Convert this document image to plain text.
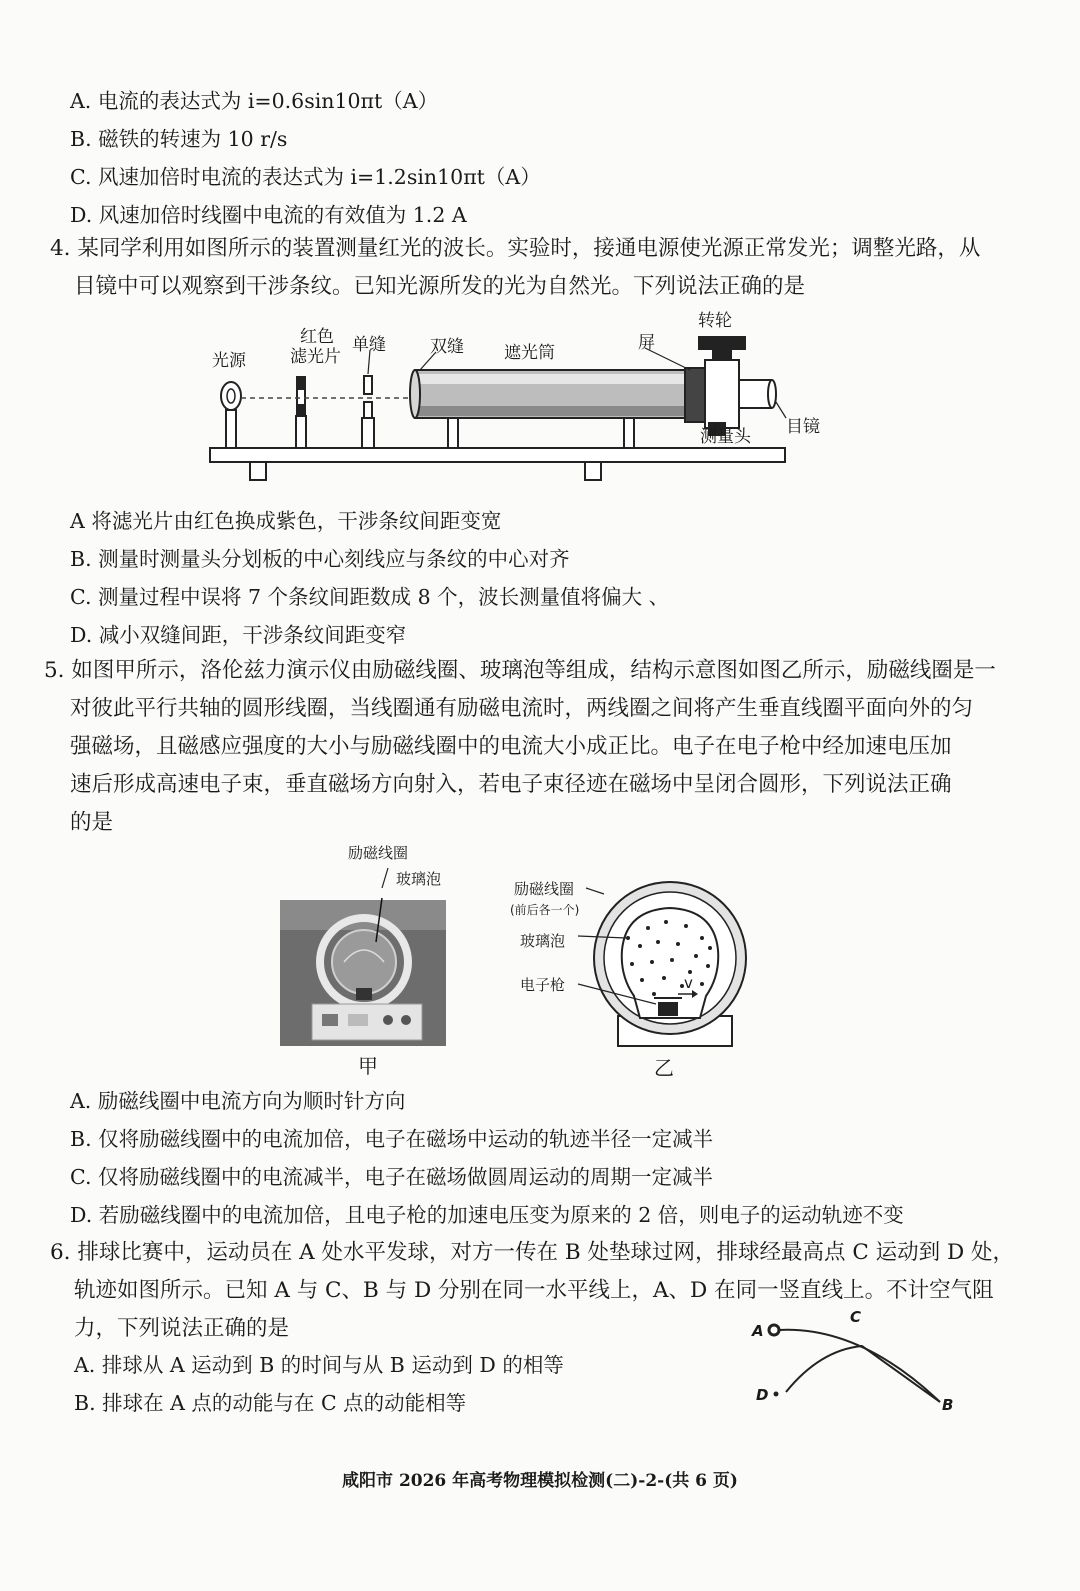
A. 电流的表达式为 i=0.6sin10πt（A）
B. 磁铁的转速为 10 r/s
C. 风速加倍时电流的表达式为 i=1.2sin10πt（A）
D. 风速加倍时线圈中电流的有效值为 1.2 A
4. 某同学利用如图所示的装置测量红光的波长。实验时，接通电源使光源正常发光；调整光路，从
目镜中可以观察到干涉条纹。已知光源所发的光为自然光。下列说法正确的是
光源
红色
滤光片
单缝	双缝 遮光筒	屏
转轮
测量头 目镜
A 将滤光片由红色换成紫色，干涉条纹间距变宽
B. 测量时测量头分划板的中心刻线应与条纹的中心对齐
C. 测量过程中误将 7 个条纹间距数成 8 个，波长测量值将偏大 、
D. 减小双缝间距，干涉条纹间距变窄
5. 如图甲所示，洛伦兹力演示仪由励磁线圈、玻璃泡等组成，结构示意图如图乙所示，励磁线圈是一
对彼此平行共轴的圆形线圈，当线圈通有励磁电流时，两线圈之间将产生垂直线圈平面向外的匀
强磁场，且磁感应强度的大小与励磁线圈中的电流大小成正比。电子在电子枪中经加速电压加
速后形成高速电子束，垂直磁场方向射入，若电子束径迹在磁场中呈闭合圆形，下列说法正确
的是
励磁线圈
玻璃泡
甲
v
励磁线圈
(前后各一个)
玻璃泡
电子枪
乙
A. 励磁线圈中电流方向为顺时针方向
B. 仅将励磁线圈中的电流加倍，电子在磁场中运动的轨迹半径一定减半
C. 仅将励磁线圈中的电流减半，电子在磁场做圆周运动的周期一定减半
D. 若励磁线圈中的电流加倍，且电子枪的加速电压变为原来的 2 倍，则电子的运动轨迹不变
6. 排球比赛中，运动员在 A 处水平发球，对方一传在 B 处垫球过网，排球经最高点 C 运动到 D 处，
轨迹如图所示。已知 A 与 C、B 与 D 分别在同一水平线上，A、D 在同一竖直线上。不计空气阻
力，下列说法正确的是
A. 排球从 A 运动到 B 的时间与从 B 运动到 D 的相等
B. 排球在 A 点的动能与在 C 点的动能相等
A
C
D
B
咸阳市 2026 年高考物理模拟检测(二)-2-(共 6 页)
